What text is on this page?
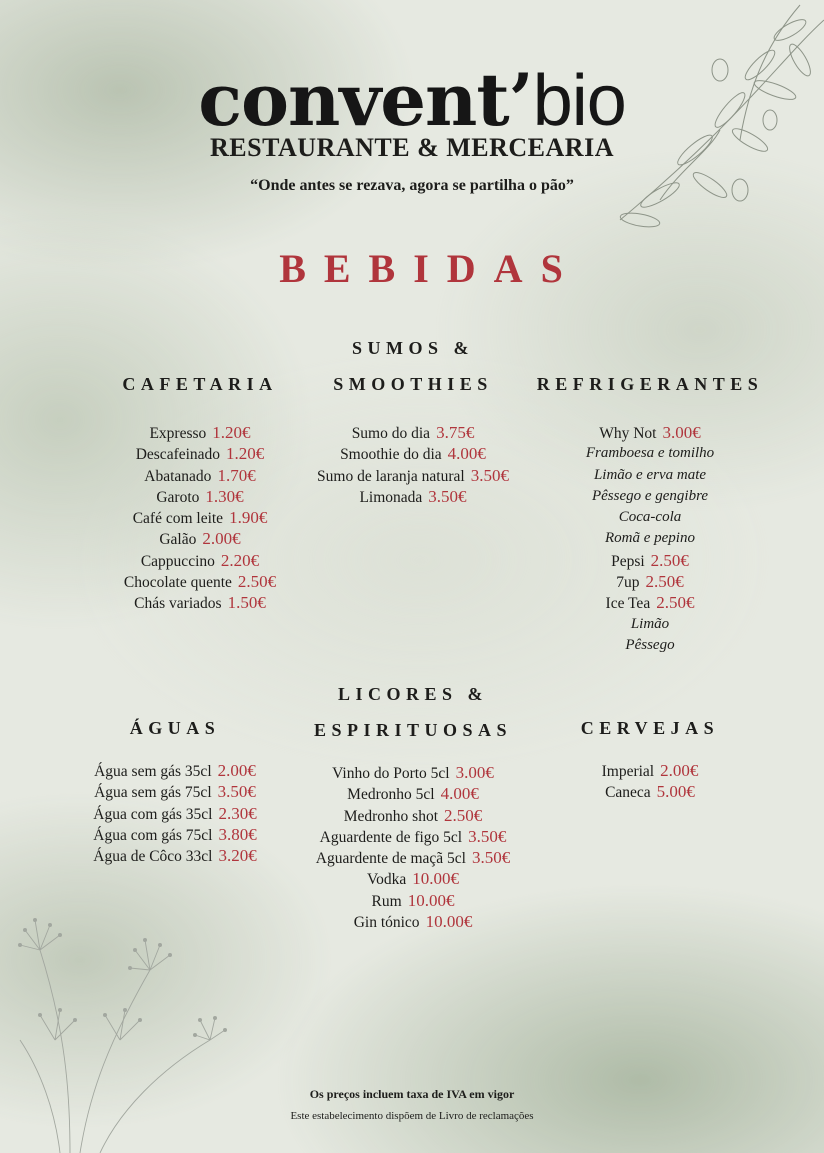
convent’bio
RESTAURANTE & MERCEARIA
“Onde antes se rezava, agora se partilha o pão”
BEBIDAS
CAFETARIA
Expresso 1.20€
Descafeinado 1.20€
Abatanado 1.70€
Garoto 1.30€
Café com leite 1.90€
Galão 2.00€
Cappuccino 2.20€
Chocolate quente 2.50€
Chás variados 1.50€
SUMOS &
SMOOTHIES
Sumo do dia 3.75€
Smoothie do dia 4.00€
Sumo de laranja natural 3.50€
Limonada 3.50€
REFRIGERANTES
Why Not 3.00€
Framboesa e tomilho
Limão e erva mate
Pêssego e gengibre
Coca-cola
Romã e pepino
Pepsi 2.50€
7up 2.50€
Ice Tea 2.50€
Limão
Pêssego
ÁGUAS
Água sem gás 35cl 2.00€
Água sem gás 75cl 3.50€
Água com gás 35cl 2.30€
Água com gás 75cl 3.80€
Água de Côco 33cl 3.20€
LICORES &
ESPIRITUOSAS
Vinho do Porto 5cl 3.00€
Medronho 5cl 4.00€
Medronho shot 2.50€
Aguardente de figo 5cl 3.50€
Aguardente de maçã 5cl 3.50€
Vodka 10.00€
Rum 10.00€
Gin tónico 10.00€
CERVEJAS
Imperial 2.00€
Caneca 5.00€
Os preços incluem taxa de IVA em vigor
Este estabelecimento dispõem de Livro de reclamações
